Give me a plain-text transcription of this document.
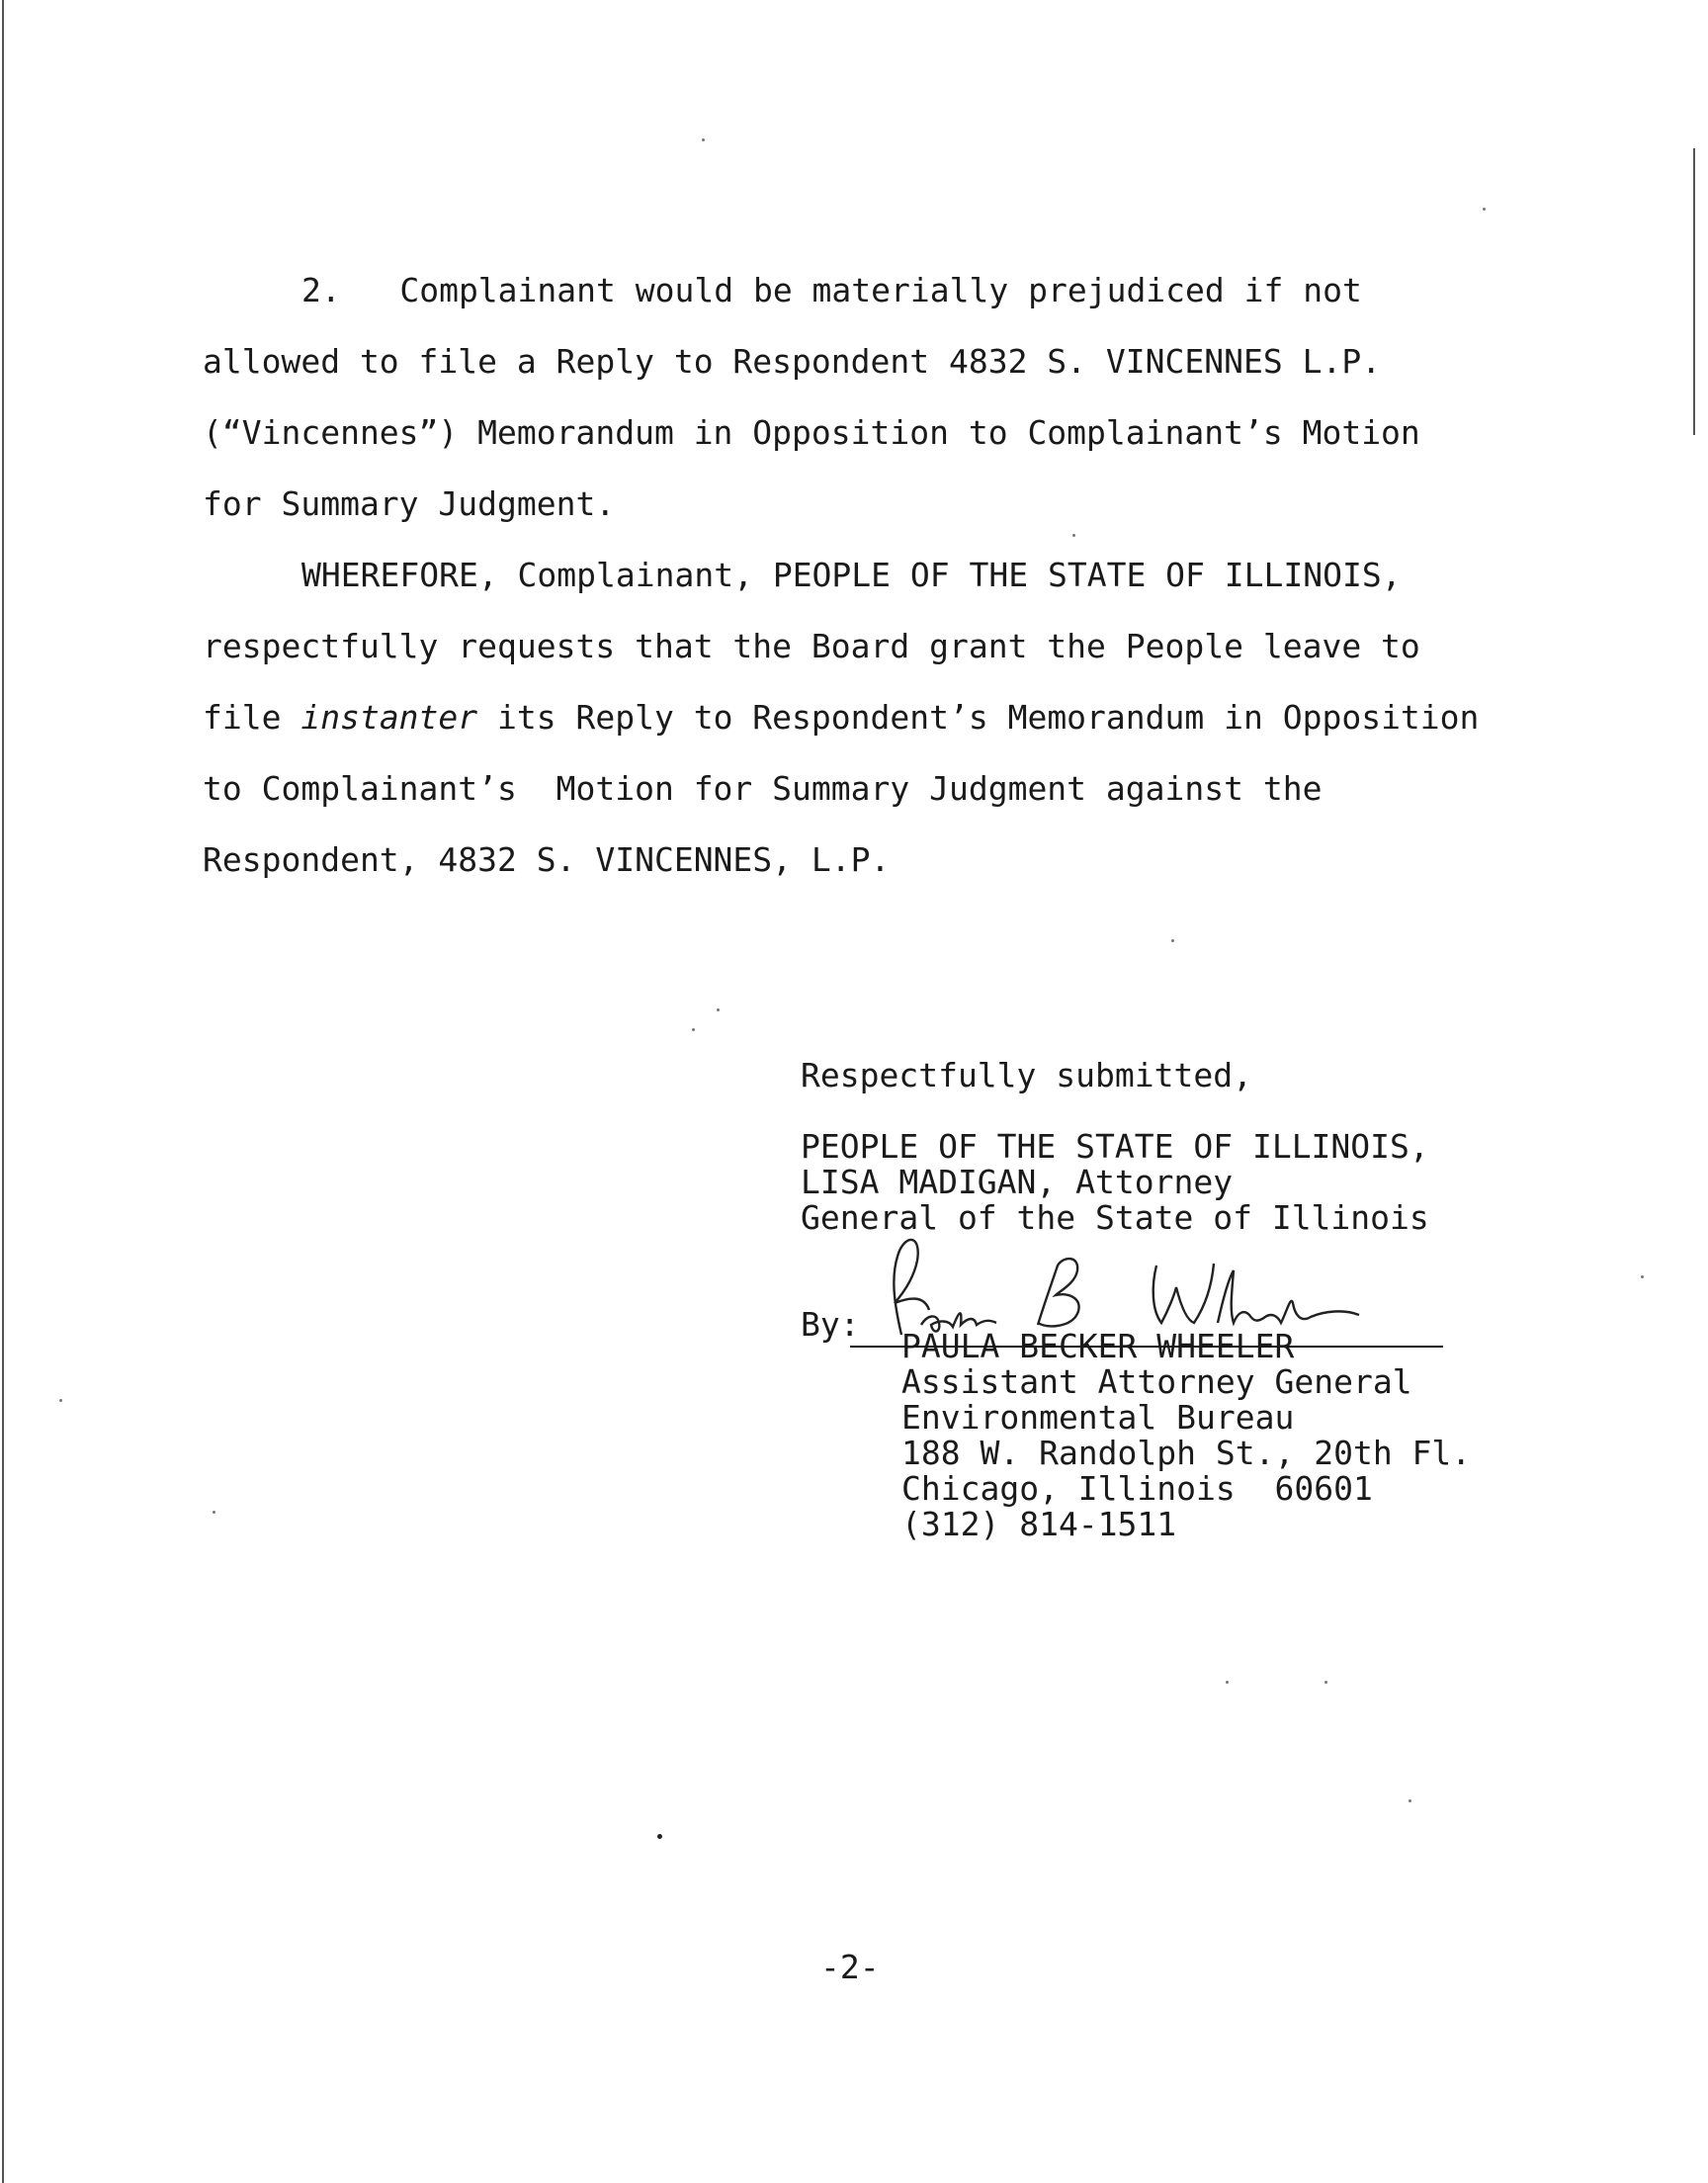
2.   Complainant would be materially prejudiced if not

allowed to file a Reply to Respondent 4832 S. VINCENNES L.P.

(“Vincennes”) Memorandum in Opposition to Complainant’s Motion

for Summary Judgment.

WHEREFORE, Complainant, PEOPLE OF THE STATE OF ILLINOIS,

respectfully requests that the Board grant the People leave to

file instanter its Reply to Respondent’s Memorandum in Opposition

to Complainant’s  Motion for Summary Judgment against the

Respondent, 4832 S. VINCENNES, L.P.

Respectfully submitted,
PEOPLE OF THE STATE OF ILLINOIS,
LISA MADIGAN, Attorney
General of the State of Illinois
By:
PAULA BECKER WHEELER
Assistant Attorney General
Environmental Bureau
188 W. Randolph St., 20th Fl.
Chicago, Illinois  60601
(312) 814-1511
-2-
